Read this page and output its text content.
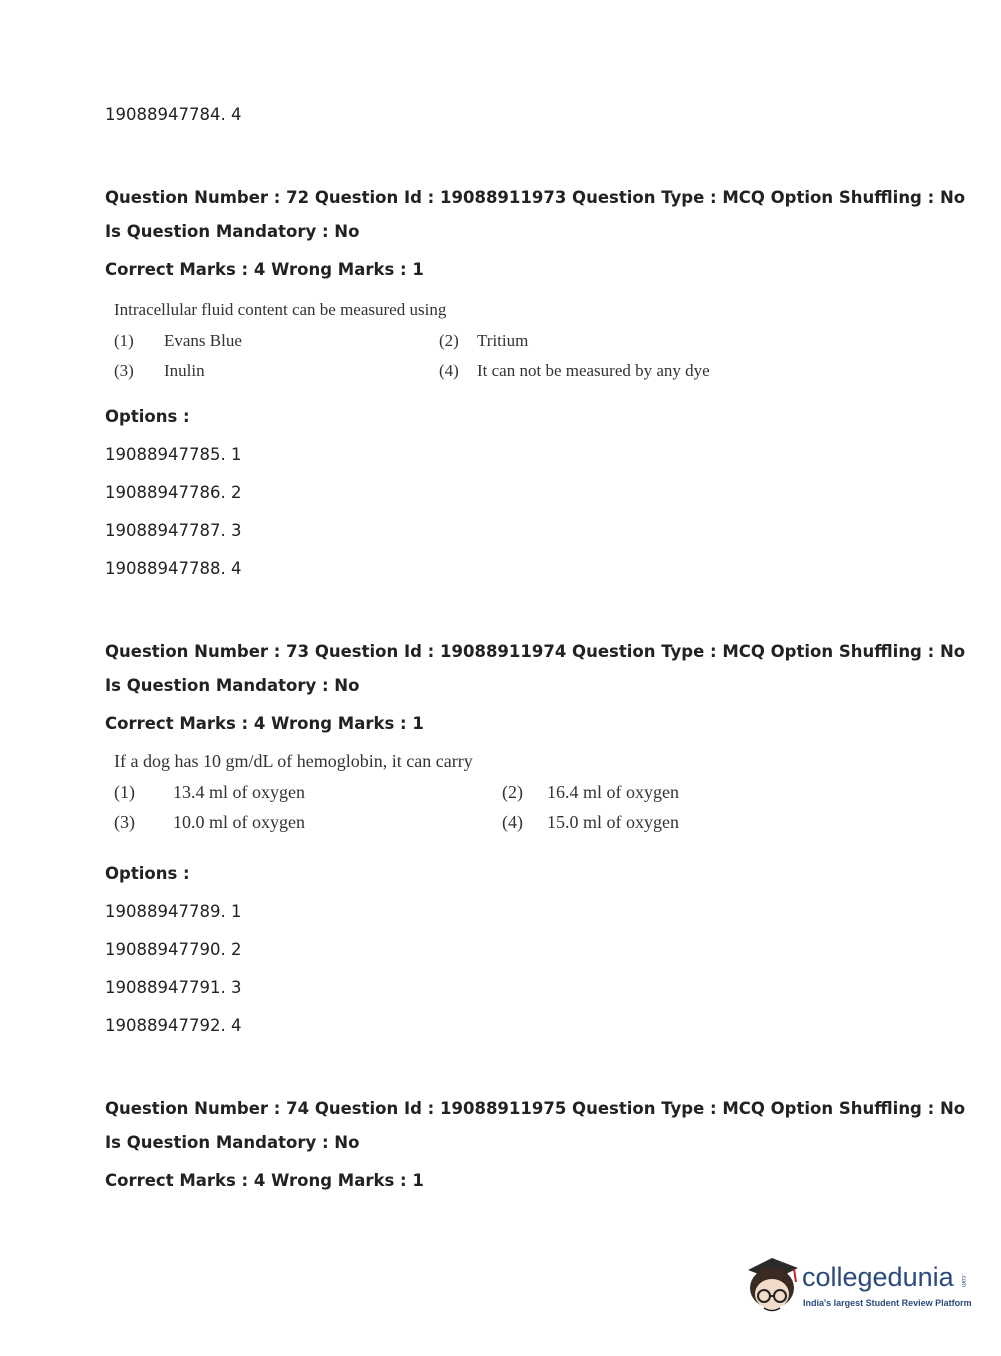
19088947784. 4
Question Number : 72 Question Id : 19088911973 Question Type : MCQ Option Shuffling : No
Is Question Mandatory : No
Correct Marks : 4 Wrong Marks : 1
Intracellular fluid content can be measured using
(1) Evans Blue	(2) Tritium
(3) Inulin	(4) It can not be measured by any dye
Options :
19088947785. 1
19088947786. 2
19088947787. 3
19088947788. 4
Question Number : 73 Question Id : 19088911974 Question Type : MCQ Option Shuffling : No
Is Question Mandatory : No
Correct Marks : 4 Wrong Marks : 1
If a dog has 10 gm/dL of hemoglobin, it can carry
(1) 13.4 ml of oxygen	(2) 16.4 ml of oxygen
(3) 10.0 ml of oxygen	(4) 15.0 ml of oxygen
Options :
19088947789. 1
19088947790. 2
19088947791. 3
19088947792. 4
Question Number : 74 Question Id : 19088911975 Question Type : MCQ Option Shuffling : No
Is Question Mandatory : No
Correct Marks : 4 Wrong Marks : 1
collegedunia .com
India's largest Student Review Platform
